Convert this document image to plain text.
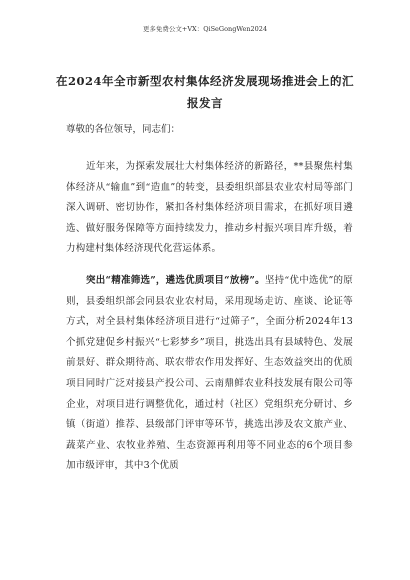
更多免费公文+VX：QiSeGongWen2024
在2024年全市新型农村集体经济发展现场推进会上的汇报发言
尊敬的各位领导，同志们：
近年来，为探索发展壮大村集体经济的新路径，**县聚焦村集体经济从“输血”到“造血”的转变，县委组织部县农业农村局等部门深入调研、密切协作，紧扣各村集体经济项目需求，在抓好项目遴选、做好服务保障等方面持续发力，推动乡村振兴项目库升级，着力构建村集体经济现代化营运体系。
突出“精准筛选”，遴选优质项目“放榜”。坚持“优中选优”的原则，县委组织部会同县农业农村局，采用现场走访、座谈、论证等方式，对全县村集体经济项目进行“过筛子”，全面分析2024年13个抓党建促乡村振兴“七彩梦乡”项目，挑选出具有县域特色、发展前景好、群众期待高、联农带农作用发挥好、生态效益突出的优质项目同时广泛对接县产投公司、云南鼎鲜农业科技发展有限公司等企业，对项目进行调整优化，通过村（社区）党组织充分研讨、乡镇（街道）推荐、县级部门评审等环节，挑选出涉及农文旅产业、蔬菜产业、农牧业养殖、生态资源再利用等不同业态的6个项目参加市级评审，其中3个优质
